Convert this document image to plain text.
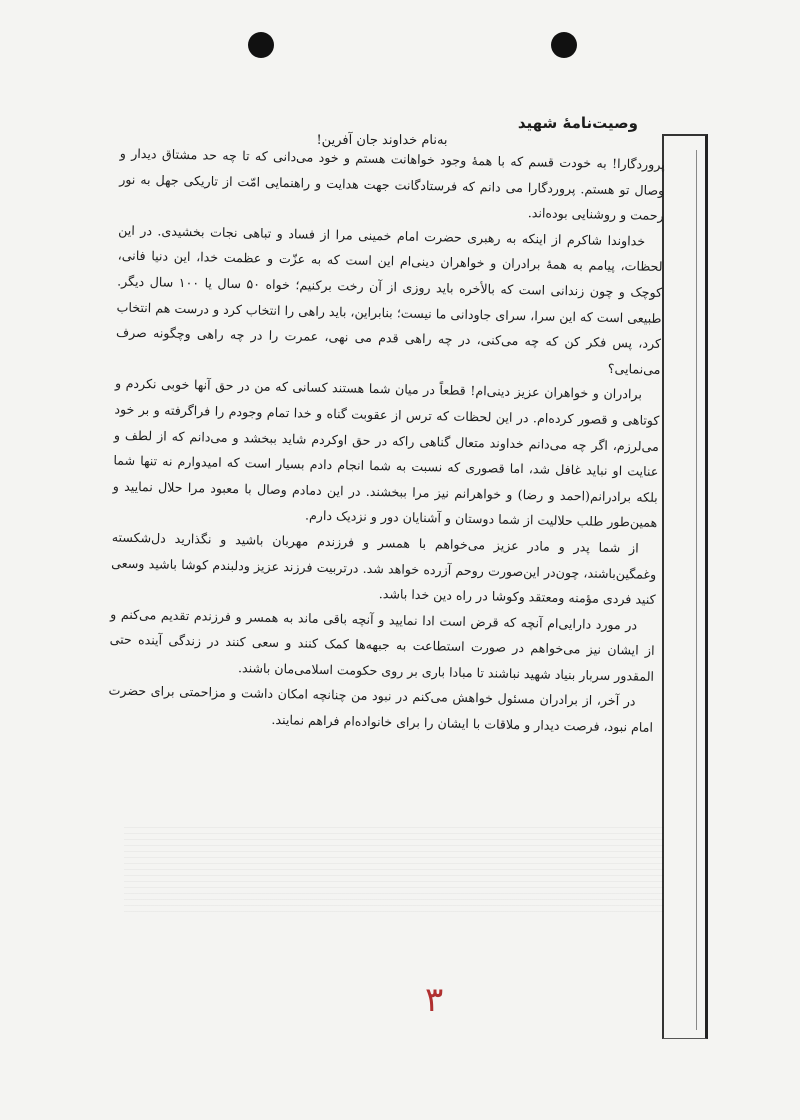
وصیت‌نامهٔ شهید
به‌نام خداوند جان آفرین!

پروردگارا! به خودت قسم که با همهٔ وجود خواهانت هستم و خود می‌دانی که تا چه حد مشتاق دیدار و وصال تو هستم. پروردگارا می دانم که فرستادگانت جهت هدایت و راهنمایی امّت از تاریکی جهل به نور رحمت و روشنایی بوده‌اند.

خداوندا شاکرم از اینکه به رهبری حضرت امام خمینی مرا از فساد و تباهی نجات بخشیدی. در این لحظات، پیامم به همهٔ برادران و خواهران دینی‌ام این است که به عزّت و عظمت خدا، این دنیا فانی، کوچک و چون زندانی است که بالأخره باید روزی از آن رخت بر‌کنیم؛ خواه ۵۰ سال یا ۱۰۰ سال دیگر. طبیعی است که این سرا، سرای جاودانی ما نیست؛ بنابراین، باید راهی را انتخاب کرد و درست هم انتخاب کرد، پس فکر کن که چه می‌کنی، در چه راهی قدم می نهی، عمرت را در چه راهی وچگونه صرف می‌نمایی؟

برادران و خواهران عزیز دینی‌ام! قطعاً در میان شما هستند کسانی که من در حق آنها خوبی نکردم و کوتاهی و قصور کرده‌ام. در این لحظات که ترس از عقوبت گناه و خدا تمام وجودم را فراگرفته و بر خود می‌لرزم، اگر چه می‌دانم خداوند متعال گناهی راکه در حق اوکردم شاید ببخشد و می‌دانم که از لطف و عنایت او نباید غافل شد، اما قصوری که نسبت به شما انجام دادم بسیار است که امیدوارم نه تنها شما بلکه برادرانم(احمد و رضا) و خواهرانم نیز مرا ببخشند. در این دمادم وصال با معبود مرا حلال نمایید و همین‌طور طلب حلالیت از شما دوستان و آشنایان دور و نزدیک دارم.

از شما پدر و مادر عزیز می‌خواهم با همسر و فرزندم مهربان باشید و نگذارید دل‌شکسته وغمگین‌باشند، چون‌در این‌صورت روحم آزرده خواهد شد. درتربیت فرزند عزیز ودلبندم کوشا باشید وسعی کنید فردی مؤمنه ومعتقد وکوشا در راه دین خدا باشد.

در مورد دارایی‌ام آنچه که قرض است ادا نمایید و آنچه باقی ماند به همسر و فرزندم تقدیم می‌کنم و از ایشان نیز می‌خواهم در صورت استطاعت به جبهه‌ها کمک کنند و سعی کنند در زندگی آینده حتی المقدور سربار بنیاد شهید نباشند تا مبادا باری بر روی حکومت اسلامی‌مان باشند.

در آخر، از برادران مسئول خواهش می‌کنم در نبود من چنانچه امکان داشت و مزاحمتی برای حضرت امام نبود، فرصت دیدار و ملاقات با ایشان را برای خانواده‌ام فراهم نمایند.

۳
